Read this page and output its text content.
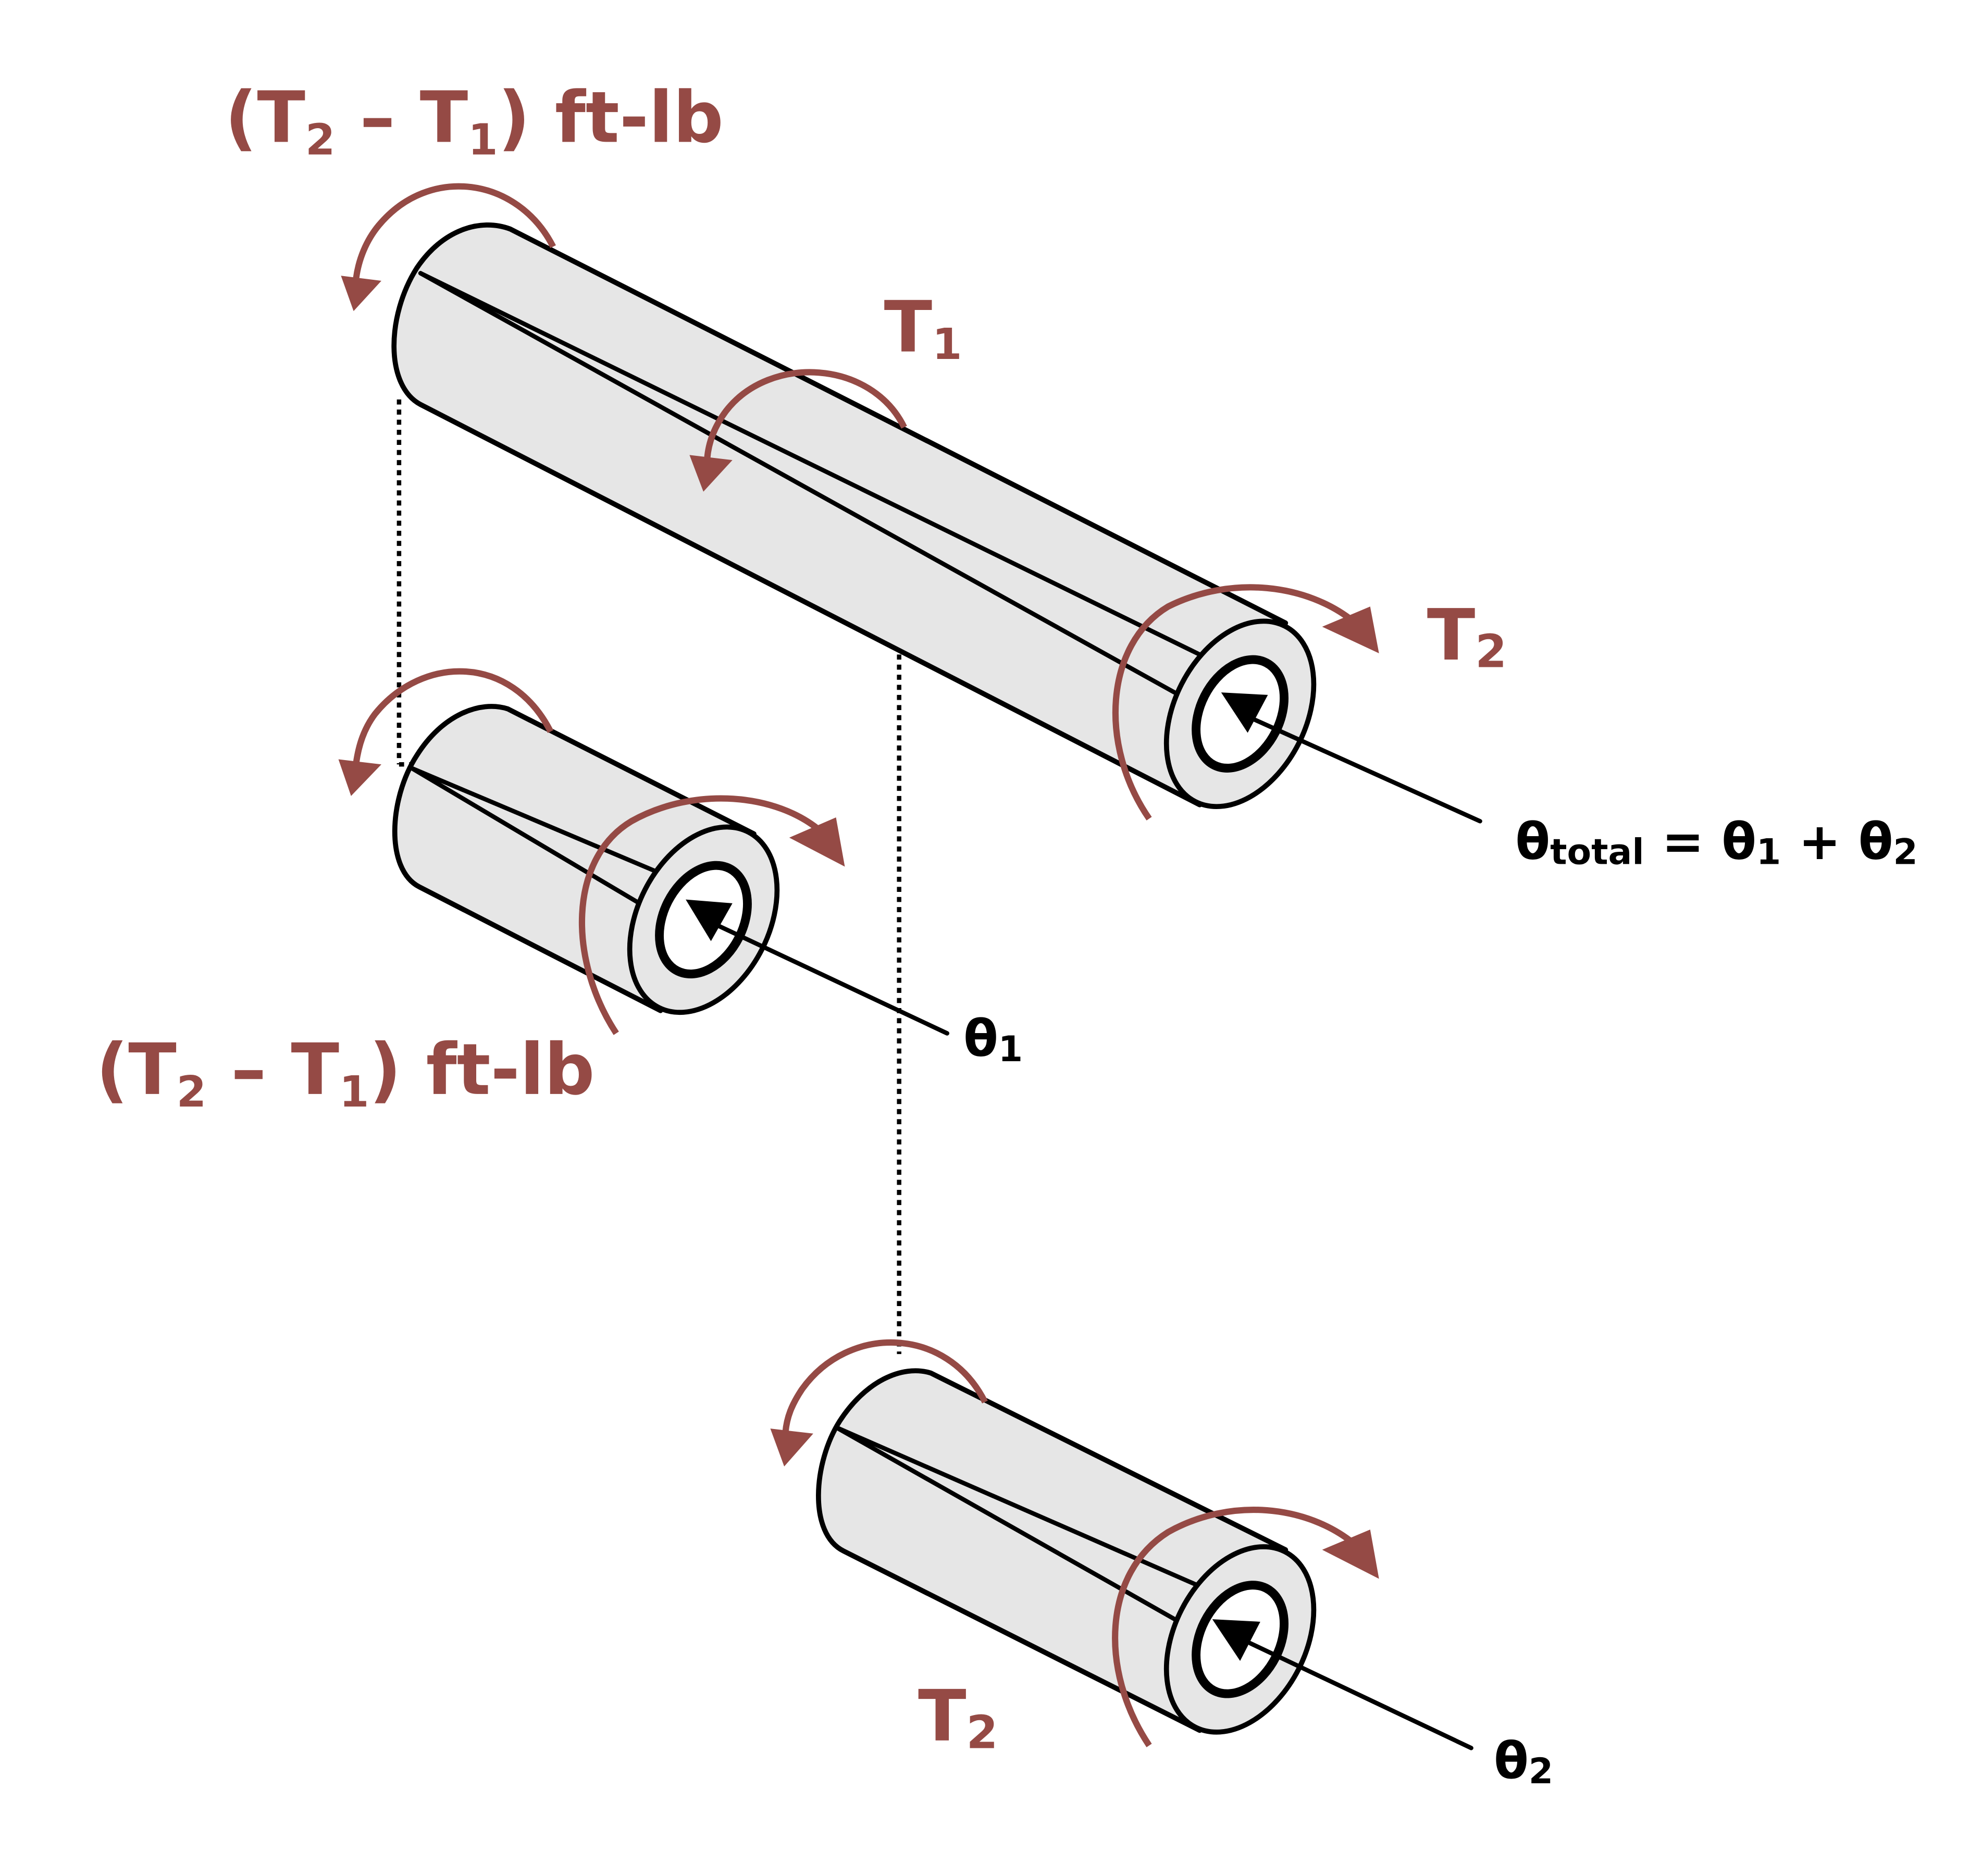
(T2 – T1) ft-lb
T1
T2
θtotal = θ1 + θ2
(T2 – T1) ft-lb	θ1
T2	θ2
